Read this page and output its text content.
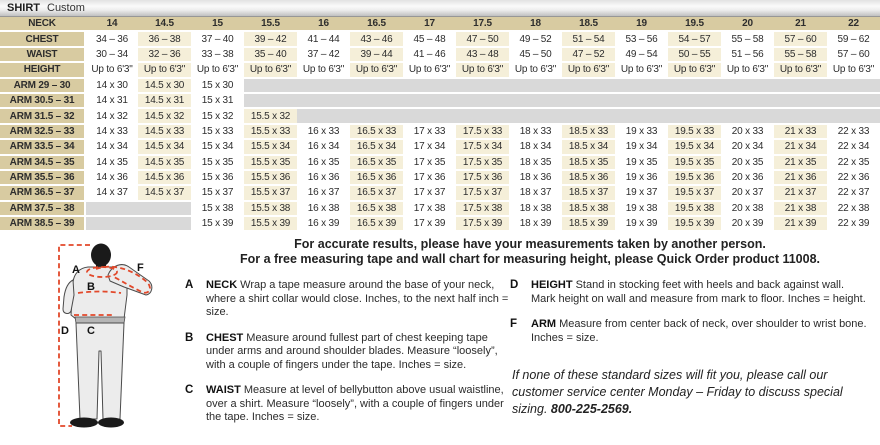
SHIRT Custom
NECK	14	14.5	15	15.5	16	16.5	17	17.5	18	18.5	19	19.5	20	21	22
CHEST	34 – 36	36 – 38	37 – 40	39 – 42	41 – 44	43 – 46	45 – 48	47 – 50	49 – 52	51 – 54	53 – 56	54 – 57	55 – 58	57 – 60	59 – 62
WAIST	30 – 34	32 – 36	33 – 38	35 – 40	37 – 42	39 – 44	41 – 46	43 – 48	45 – 50	47 – 52	49 – 54	50 – 55	51 – 56	55 – 58	57 – 60
HEIGHT	Up to 6'3"	Up to 6'3"	Up to 6'3"	Up to 6'3"	Up to 6'3"	Up to 6'3"	Up to 6'3"	Up to 6'3"	Up to 6'3"	Up to 6'3"	Up to 6'3"	Up to 6'3"	Up to 6'3"	Up to 6'3"	Up to 6'3"
ARM 29 – 30	14 x 30	14.5 x 30	15 x 30												
ARM 30.5 – 31	14 x 31	14.5 x 31	15 x 31												
ARM 31.5 – 32	14 x 32	14.5 x 32	15 x 32	15.5 x 32											
ARM 32.5 – 33	14 x 33	14.5 x 33	15 x 33	15.5 x 33	16 x 33	16.5 x 33	17 x 33	17.5 x 33	18 x 33	18.5 x 33	19 x 33	19.5 x 33	20 x 33	21 x 33	22 x 33
ARM 33.5 – 34	14 x 34	14.5 x 34	15 x 34	15.5 x 34	16 x 34	16.5 x 34	17 x 34	17.5 x 34	18 x 34	18.5 x 34	19 x 34	19.5 x 34	20 x 34	21 x 34	22 x 34
ARM 34.5 – 35	14 x 35	14.5 x 35	15 x 35	15.5 x 35	16 x 35	16.5 x 35	17 x 35	17.5 x 35	18 x 35	18.5 x 35	19 x 35	19.5 x 35	20 x 35	21 x 35	22 x 35
ARM 35.5 – 36	14 x 36	14.5 x 36	15 x 36	15.5 x 36	16 x 36	16.5 x 36	17 x 36	17.5 x 36	18 x 36	18.5 x 36	19 x 36	19.5 x 36	20 x 36	21 x 36	22 x 36
ARM 36.5 – 37	14 x 37	14.5 x 37	15 x 37	15.5 x 37	16 x 37	16.5 x 37	17 x 37	17.5 x 37	18 x 37	18.5 x 37	19 x 37	19.5 x 37	20 x 37	21 x 37	22 x 37
ARM 37.5 – 38			15 x 38	15.5 x 38	16 x 38	16.5 x 38	17 x 38	17.5 x 38	18 x 38	18.5 x 38	19 x 38	19.5 x 38	20 x 38	21 x 38	22 x 38
ARM 38.5 – 39			15 x 39	15.5 x 39	16 x 39	16.5 x 39	17 x 39	17.5 x 39	18 x 39	18.5 x 39	19 x 39	19.5 x 39	20 x 39	21 x 39	22 x 39
A
B
C
D
F
For accurate results, please have your measurements taken by another person.
For a free measuring tape and wall chart for measuring height, please Quick Order product 11008.
A NECK Wrap a tape measure around the base of your neck, where a shirt collar would close. Inches, to the next half inch = size.
B CHEST Measure around fullest part of chest keeping tape under arms and around shoulder blades. Measure “loosely”, with a couple of fingers under the tape. Inches = size.
C WAIST Measure at level of bellybutton above usual waistline, over a shirt. Measure “loosely”, with a couple of fingers under the tape. Inches = size.
D HEIGHT Stand in stocking feet with heels and back against wall. Mark height on wall and measure from mark to floor. Inches = height.
F ARM Measure from center back of neck, over shoulder to wrist bone. Inches = size.
If none of these standard sizes will fit you, please call our customer service center Monday – Friday to discuss special sizing. 800-225-2569.
